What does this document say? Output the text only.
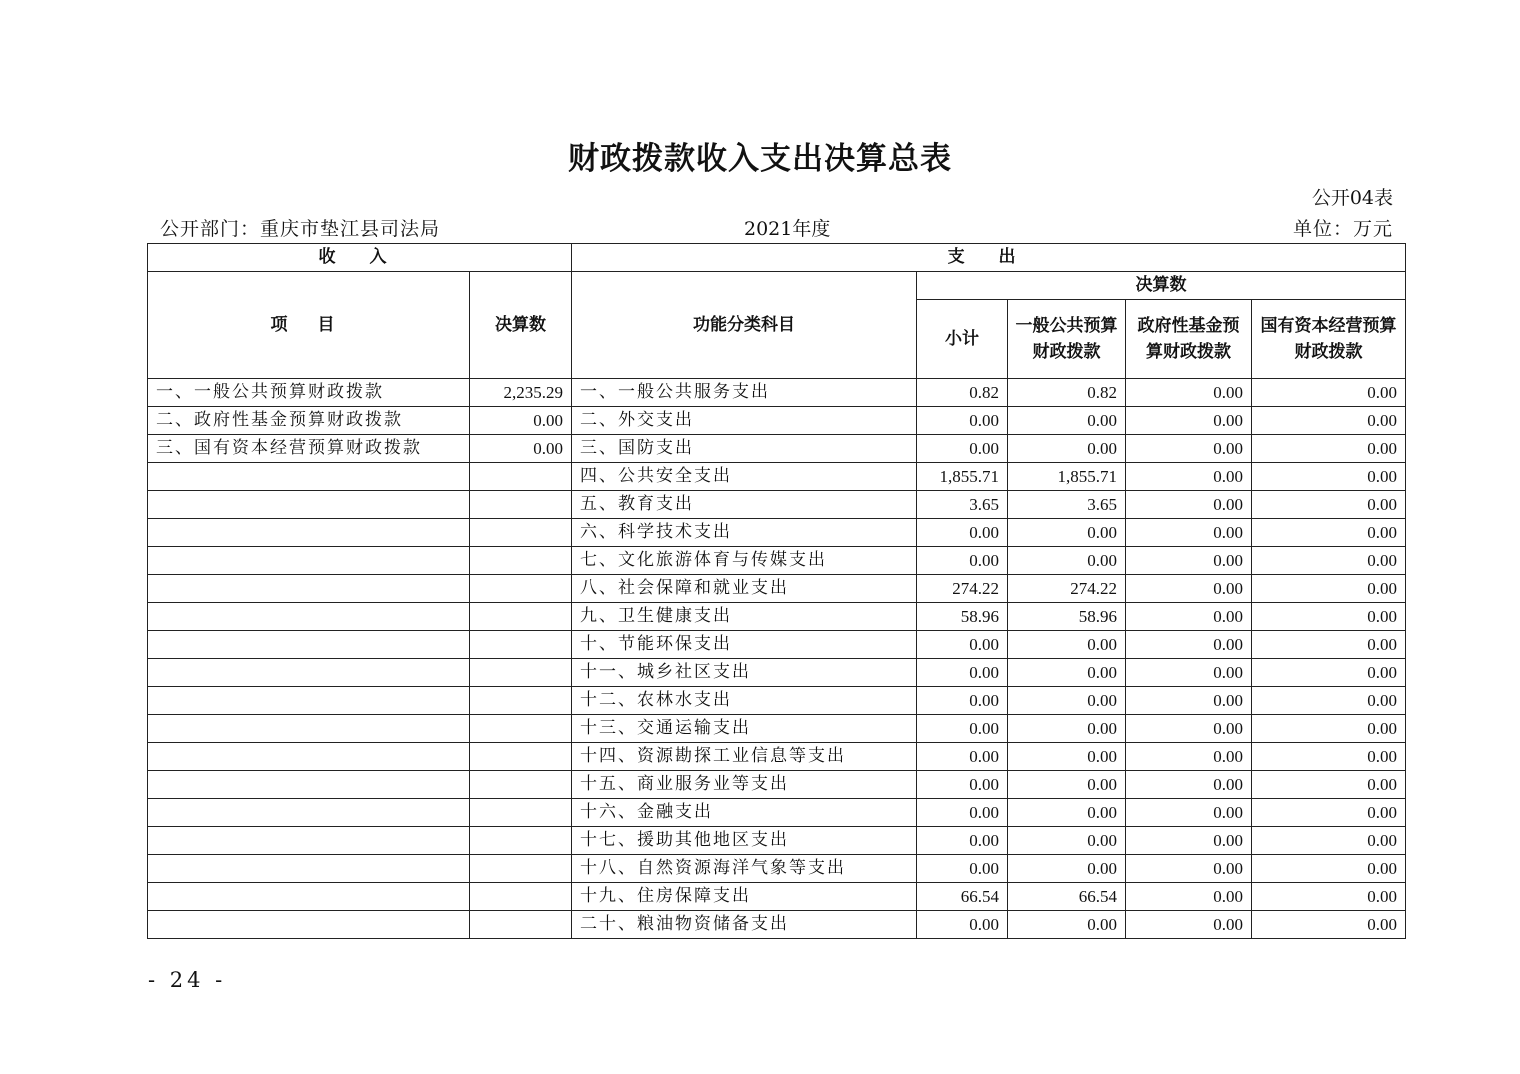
财政拨款收入支出决算总表
公开04表
公开部门：重庆市垫江县司法局	2021年度	单位：万元
收 入		支 出				
项 目	决算数	功能分类科目	决算数			
			小计	一般公共预算财政拨款	政府性基金预算财政拨款	国有资本经营预算财政拨款
一、一般公共预算财政拨款	2,235.29	一、一般公共服务支出	0.82	0.82	0.00	0.00
二、政府性基金预算财政拨款	0.00	二、外交支出	0.00	0.00	0.00	0.00
三、国有资本经营预算财政拨款	0.00	三、国防支出	0.00	0.00	0.00	0.00
		四、公共安全支出	1,855.71	1,855.71	0.00	0.00
		五、教育支出	3.65	3.65	0.00	0.00
		六、科学技术支出	0.00	0.00	0.00	0.00
		七、文化旅游体育与传媒支出	0.00	0.00	0.00	0.00
		八、社会保障和就业支出	274.22	274.22	0.00	0.00
		九、卫生健康支出	58.96	58.96	0.00	0.00
		十、节能环保支出	0.00	0.00	0.00	0.00
		十一、城乡社区支出	0.00	0.00	0.00	0.00
		十二、农林水支出	0.00	0.00	0.00	0.00
		十三、交通运输支出	0.00	0.00	0.00	0.00
		十四、资源勘探工业信息等支出	0.00	0.00	0.00	0.00
		十五、商业服务业等支出	0.00	0.00	0.00	0.00
		十六、金融支出	0.00	0.00	0.00	0.00
		十七、援助其他地区支出	0.00	0.00	0.00	0.00
		十八、自然资源海洋气象等支出	0.00	0.00	0.00	0.00
		十九、住房保障支出	66.54	66.54	0.00	0.00
		二十、粮油物资储备支出	0.00	0.00	0.00	0.00
- 24 -
